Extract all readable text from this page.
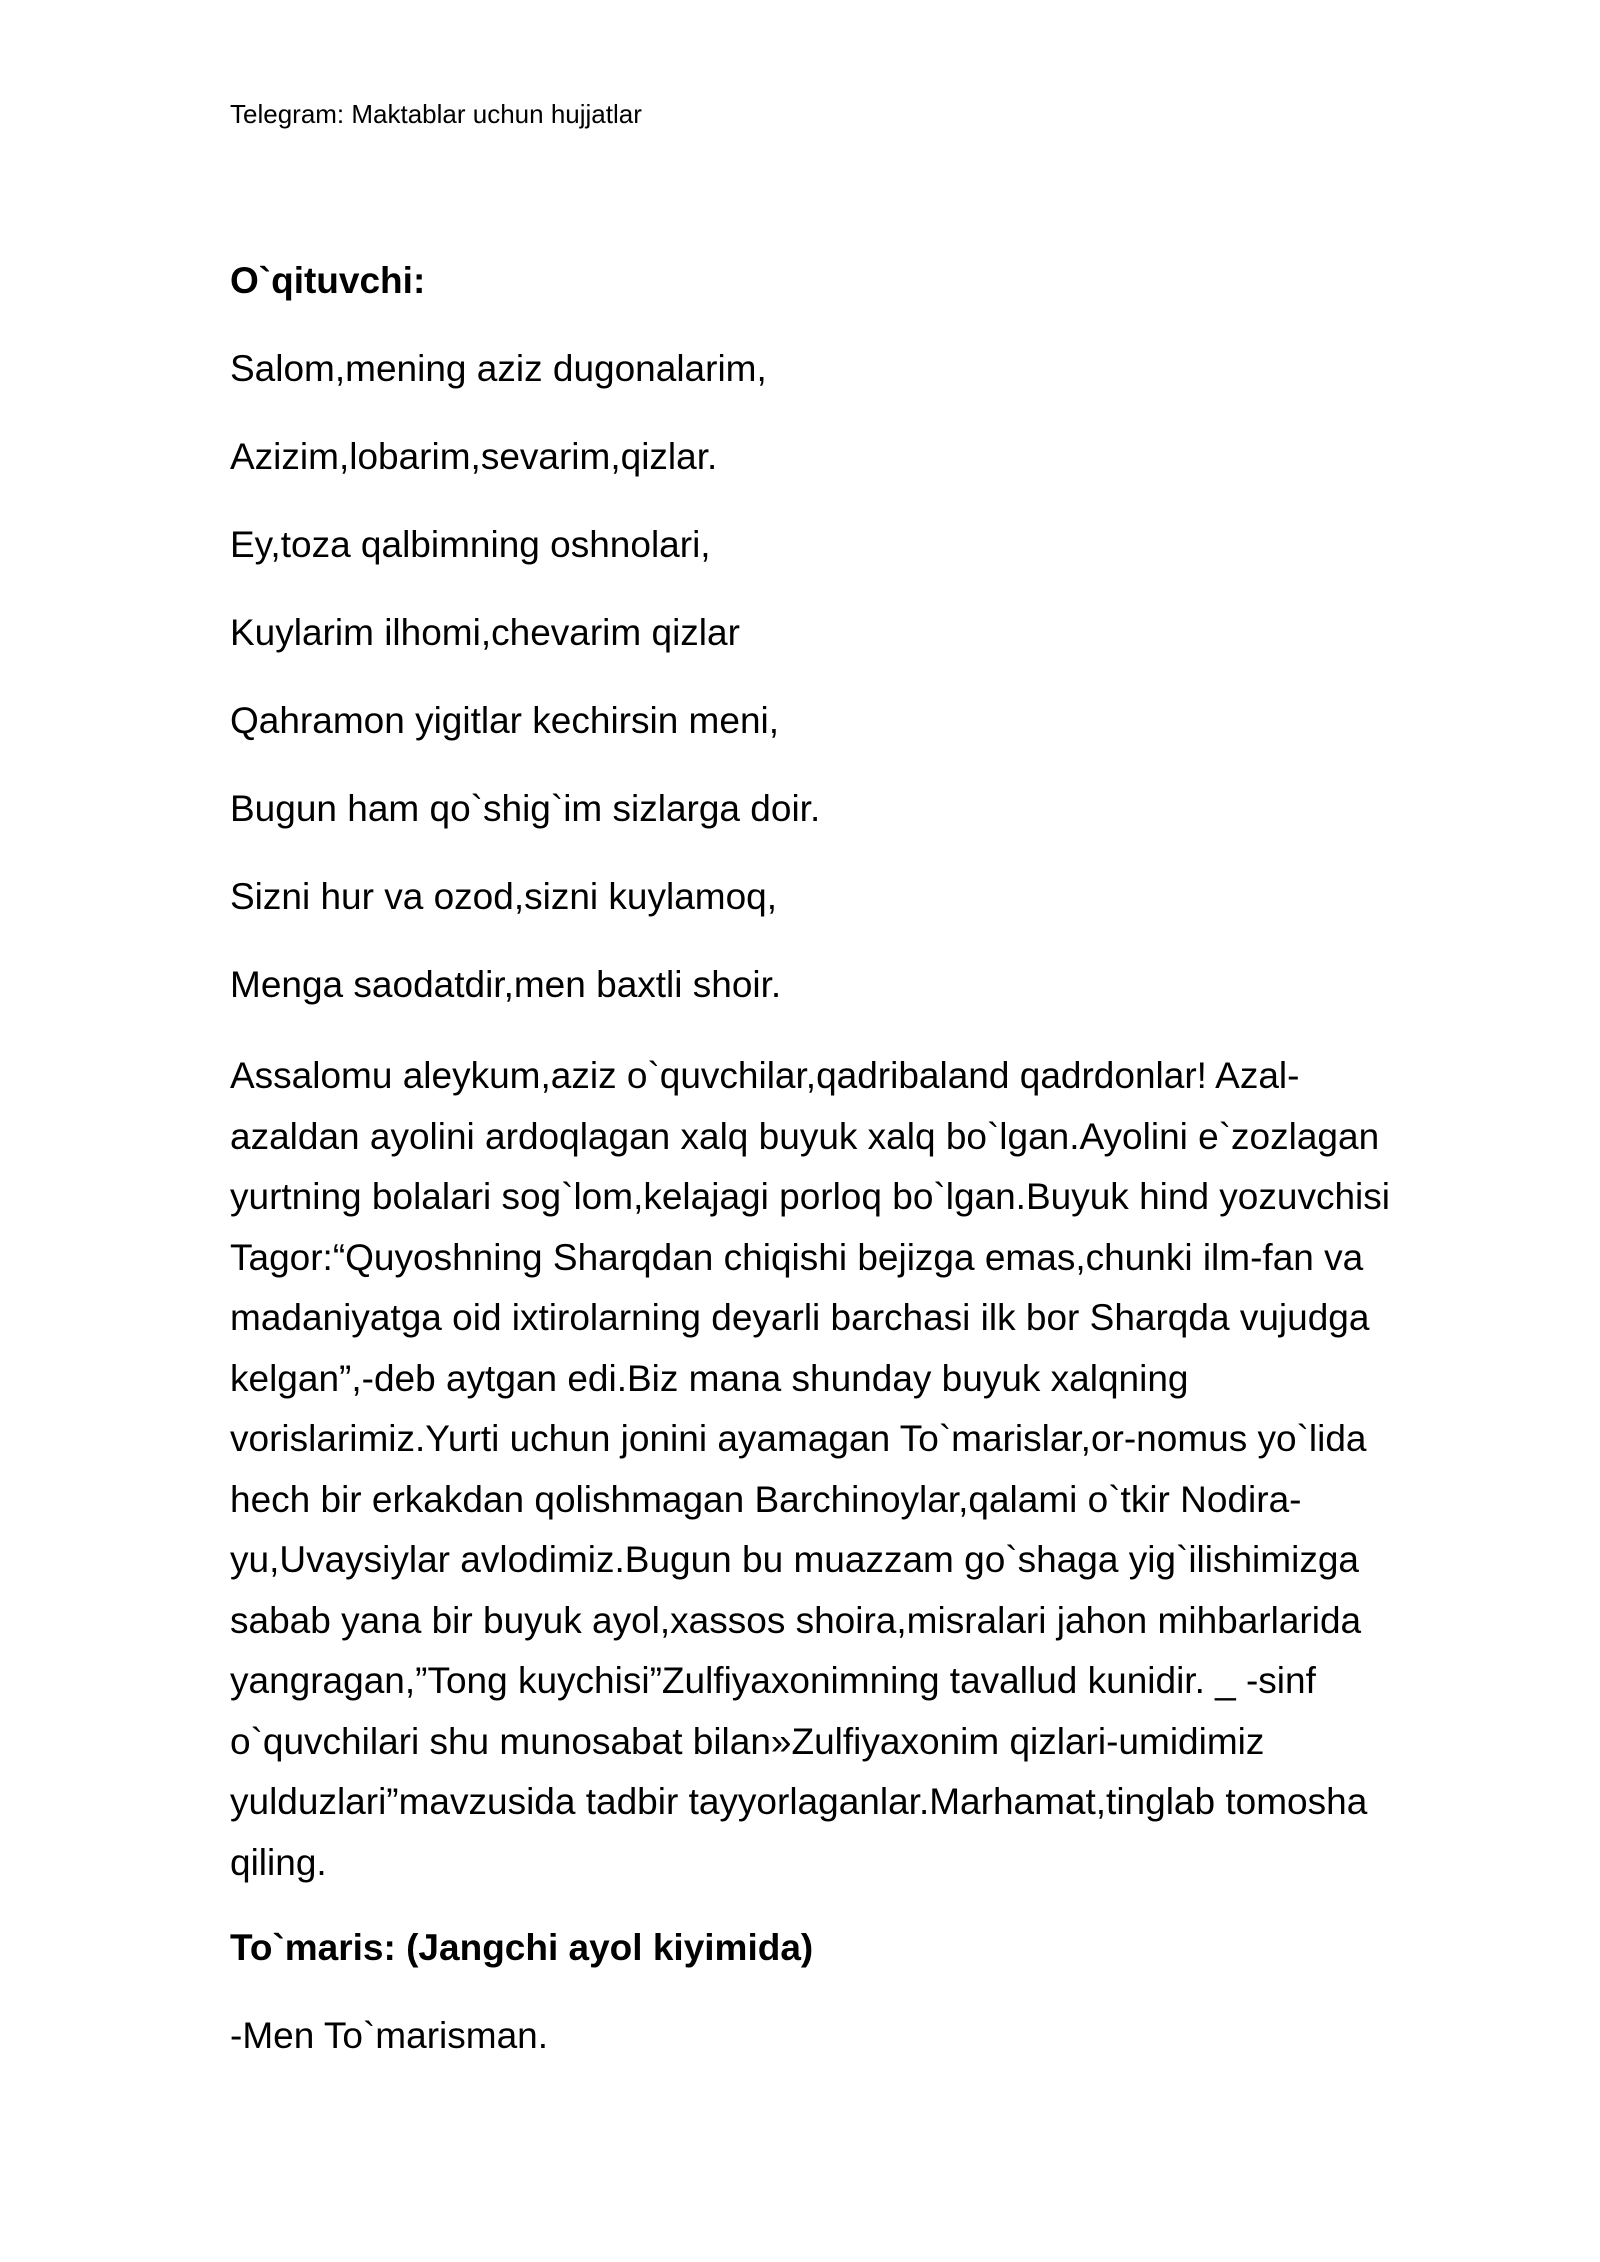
Telegram: Maktablar uchun hujjatlar

O`qituvchi:

Salom,mening aziz dugonalarim,

Azizim,lobarim,sevarim,qizlar.

Ey,toza qalbimning oshnolari,

Kuylarim ilhomi,chevarim qizlar

Qahramon yigitlar kechirsin meni,

Bugun ham qo`shig`im sizlarga doir.

Sizni hur va ozod,sizni kuylamoq,

Menga saodatdir,men baxtli shoir.

Assalomu aleykum,aziz o`quvchilar,qadribaland qadrdonlar! Azal-
azaldan ayolini ardoqlagan xalq buyuk xalq bo`lgan.Ayolini e`zozlagan
yurtning bolalari sog`lom,kelajagi porloq bo`lgan.Buyuk hind yozuvchisi
Tagor:“Quyoshning Sharqdan chiqishi bejizga emas,chunki ilm-fan va
madaniyatga oid ixtirolarning deyarli barchasi ilk bor Sharqda vujudga
kelgan”,-deb aytgan edi.Biz mana shunday buyuk xalqning
vorislarimiz.Yurti uchun jonini ayamagan To`marislar,or-nomus yo`lida
hech bir erkakdan qolishmagan Barchinoylar,qalami o`tkir Nodira-
yu,Uvaysiylar avlodimiz.Bugun bu muazzam go`shaga yig`ilishimizga
sabab yana bir buyuk ayol,xassos shoira,misralari jahon mihbarlarida
yangragan,”Tong kuychisi”Zulfiyaxonimning tavallud kunidir. _ -sinf
o`quvchilari shu munosabat bilan»Zulfiyaxonim qizlari-umidimiz
yulduzlari”mavzusida tadbir tayyorlaganlar.Marhamat,tinglab tomosha
qiling.

To`maris: (Jangchi ayol kiyimida)

-Men To`marisman.
